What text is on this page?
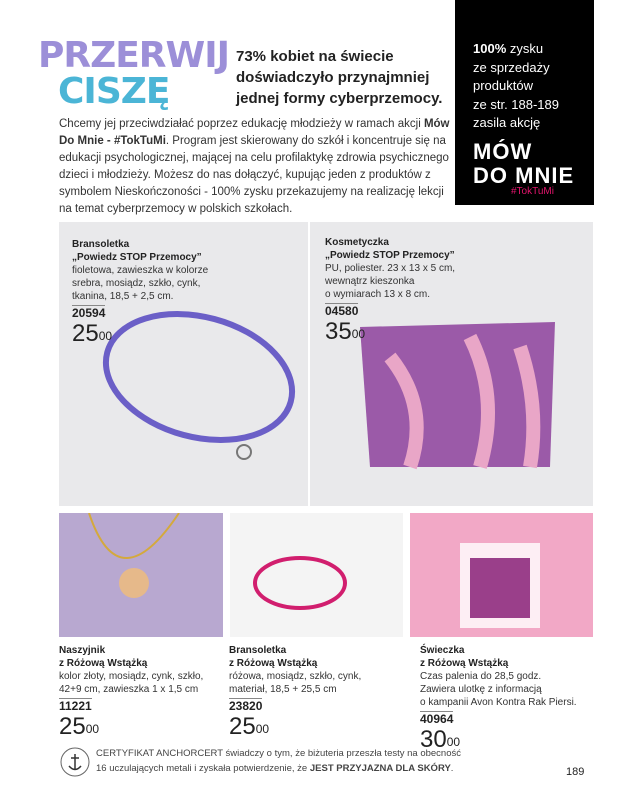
PRZERWIJ
CISZĘ
73% kobiet na świecie doświadczyło przynajmniej jednej formy cyberprzemocy.
Chcemy jej przeciwdziałać poprzez edukację młodzieży w ramach akcji Mów Do Mnie - #TokTuMi. Program jest skierowany do szkół i koncentruje się na edukacji psychologicznej, mającej na celu profilaktykę zdrowia psychicznego dzieci i młodzieży. Możesz do nas dołączyć, kupując jeden z produktów z symbolem Nieskończoności - 100% zysku przekazujemy na realizację lekcji na temat cyberprzemocy w polskich szkołach.
100% zysku
ze sprzedaży
produktów
ze str. 188-189
zasila akcję
MÓW
DO MNIE
#TokTuMi
Bransoletka
„Powiedz STOP Przemocy”
fioletowa, zawieszka w kolorze
srebra, mosiądz, szkło, cynk,
tkanina, 18,5 + 2,5 cm.
20594
$25^{00}$
Kosmetyczka
„Powiedz STOP Przemocy”
PU, poliester. 23 x 13 x 5 cm,
wewnątrz kieszonka
o wymiarach 13 x 8 cm.
04580
$35^{00}$
Naszyjnik
z Różową Wstążką
kolor złoty, mosiądz, cynk, szkło,
42+9 cm, zawieszka 1 x 1,5 cm
11221
$25^{00}$
Bransoletka
z Różową Wstążką
różowa, mosiądz, szkło, cynk,
materiał, 18,5 + 25,5 cm
23820
$25^{00}$
Świeczka
z Różową Wstążką
Czas palenia do 28,5 godz.
Zawiera ulotkę z informacją
o kampanii Avon Kontra Rak Piersi.
40964
$30^{00}$
CERTYFIKAT ANCHORCERT świadczy o tym, że biżuteria przeszła testy na obecność
16 uczulających metali i zyskała potwierdzenie, że JEST PRZYJAZNA DLA SKÓRY.	189
